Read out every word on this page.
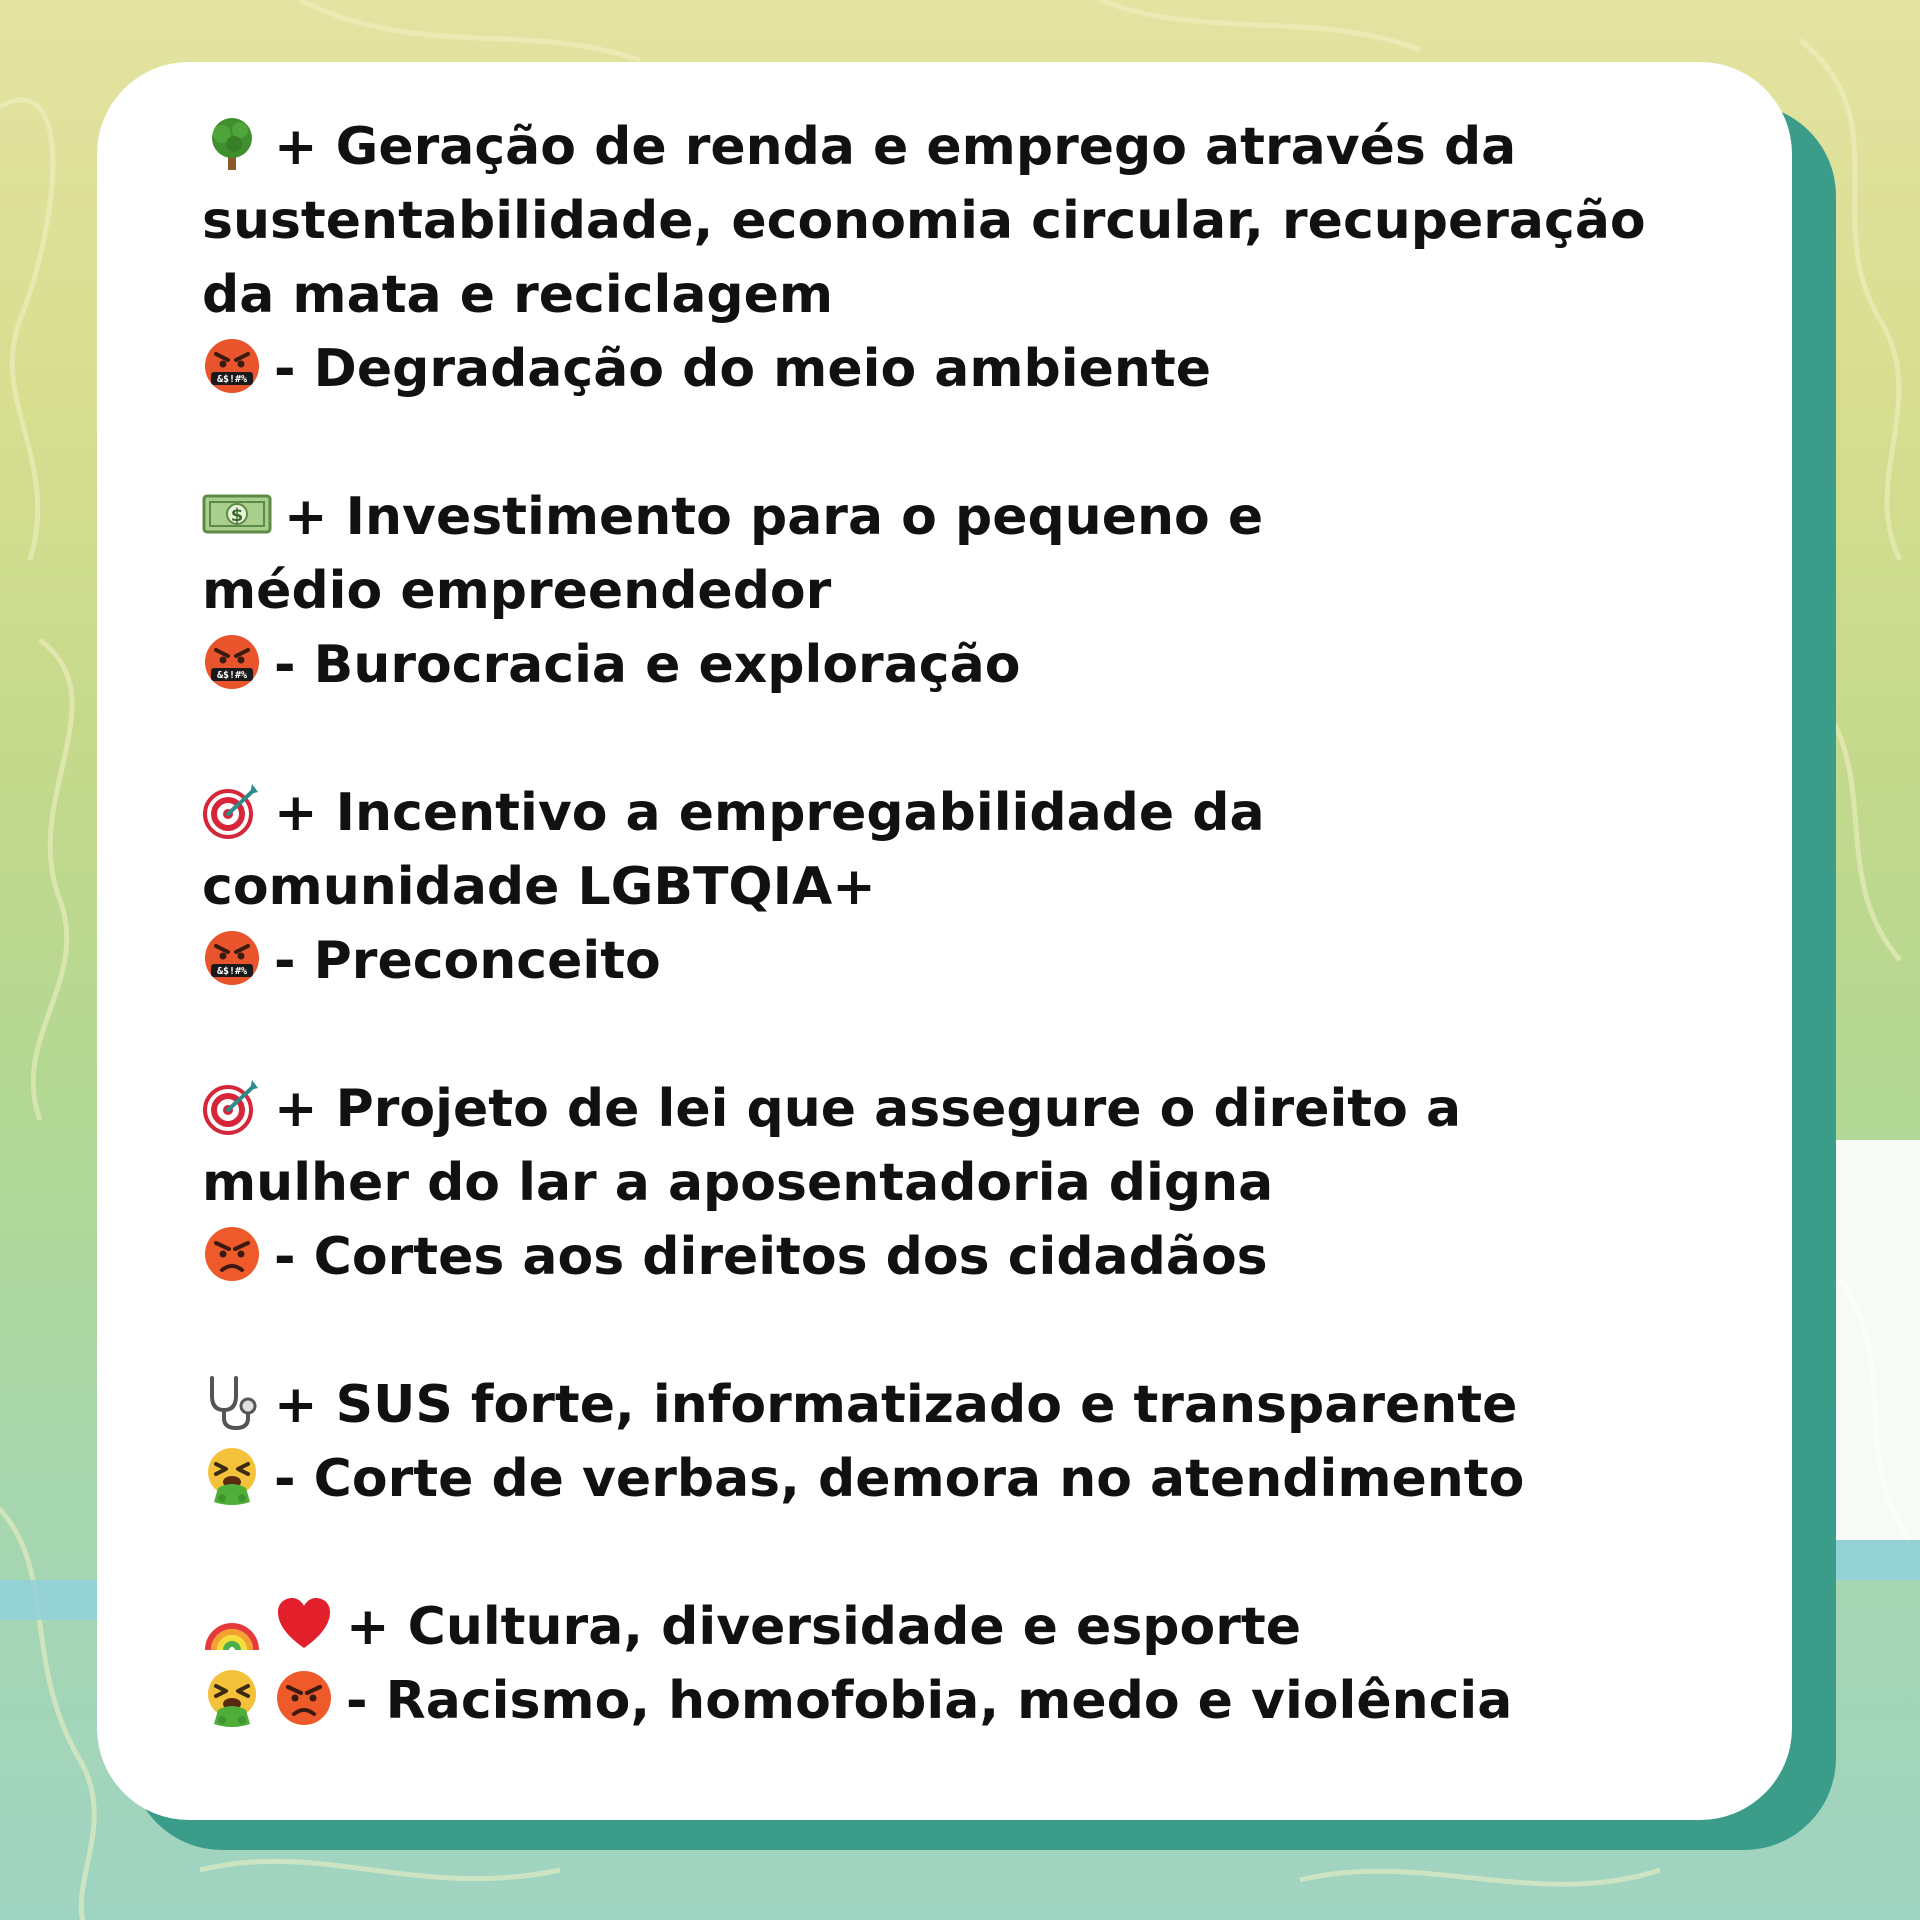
+ Geração de renda e emprego através da
sustentabilidade, economia circular, recuperação
da mata e reciclagem
&$!#% - Degradação do meio ambiente
$ + Investimento para o pequeno e
médio empreendedor
&$!#% - Burocracia e exploração
+ Incentivo a empregabilidade da
comunidade LGBTQIA+
&$!#% - Preconceito
+ Projeto de lei que assegure o direito a
mulher do lar a aposentadoria digna
- Cortes aos direitos dos cidadãos
+ SUS forte, informatizado e transparente
- Corte de verbas, demora no atendimento
+ Cultura, diversidade e esporte
- Racismo, homofobia, medo e violência
